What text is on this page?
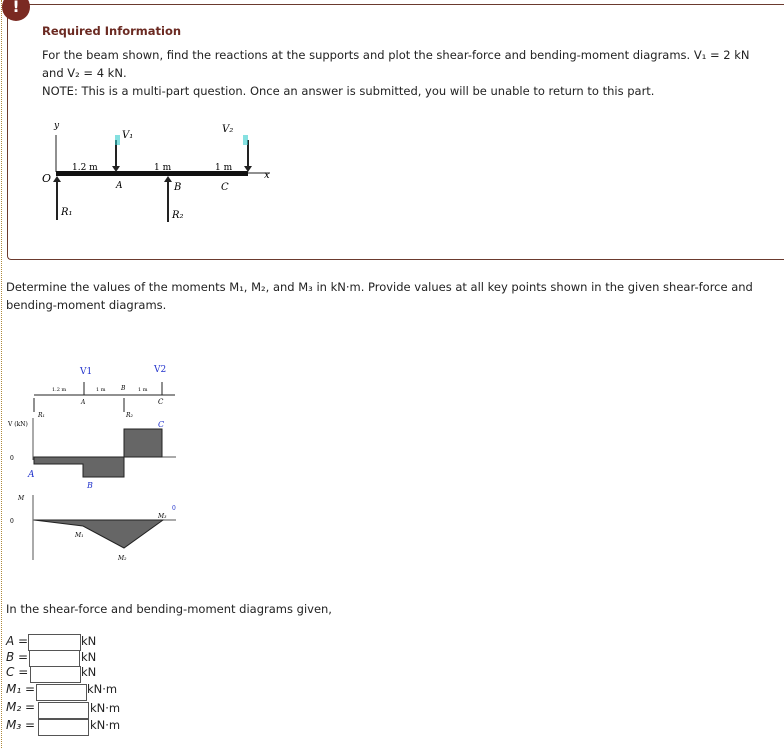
!
Required Information
For the beam shown, find the reactions at the supports and plot the shear-force and bending-moment diagrams. V₁ = 2 kN
and V₂ = 4 kN.
NOTE: This is a multi-part question. Once an answer is submitted, you will be unable to return to this part.
y
x
O
V₁
V₂
1.2 m	1 m	1 m
A	B	C
R₁	R₂
Determine the values of the moments M₁, M₂, and M₃ in kN·m. Provide values at all key points shown in the given shear-force and
bending-moment diagrams.
V1	V2
A
B
C
1.2 m	1 m	1 m
R₁	R₂
V (kN)
0
A
B
C
M
0
M₁
M₂
M₃
0
In the shear-force and bending-moment diagrams given,
A =	kN
B =	kN
C =	kN
M₁ =	kN·m
M₂ =	kN·m
M₃ =	kN·m
